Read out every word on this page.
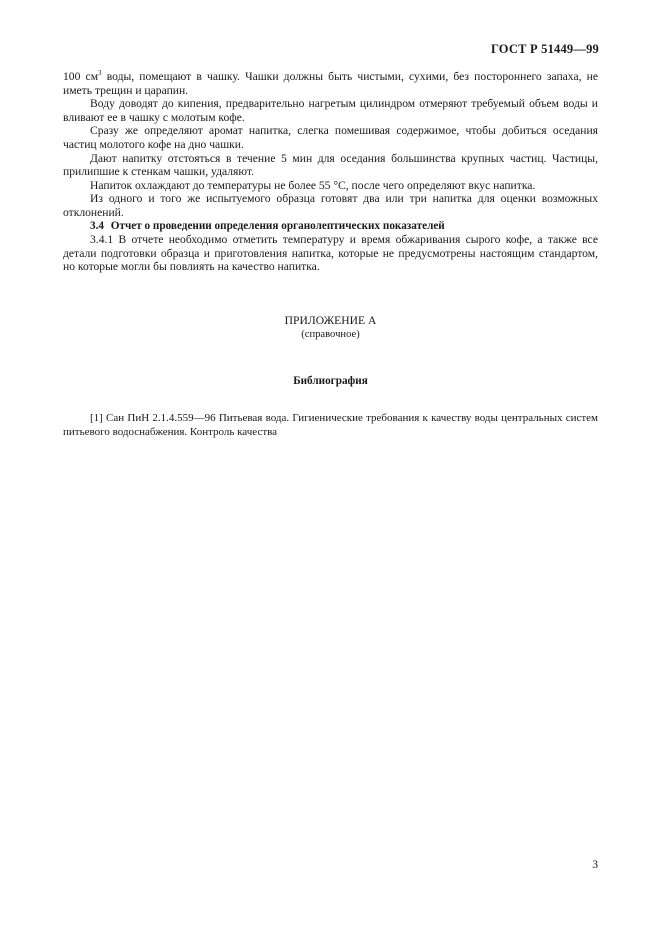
ГОСТ Р 51449—99

100 $см^3$ воды, помещают в чашку. Чашки должны быть чистыми, сухими, без постороннего запаха, не иметь трещин и царапин.

Воду доводят до кипения, предварительно нагретым цилиндром отмеряют требуемый объем воды и вливают ее в чашку с молотым кофе.

Сразу же определяют аромат напитка, слегка помешивая содержимое, чтобы добиться оседания частиц молотого кофе на дно чашки.

Дают напитку отстояться в течение 5 мин для оседания большинства крупных частиц. Частицы, прилипшие к стенкам чашки, удаляют.

Напиток охлаждают до температуры не более 55 °С, после чего определяют вкус напитка.

Из одного и того же испытуемого образца готовят два или три напитка для оценки возможных отклонений.

3.4 Отчет о проведении определения органолептических показателей

3.4.1 В отчете необходимо отметить температуру и время обжаривания сырого кофе, а также все детали подготовки образца и приготовления напитка, которые не предусмотрены настоящим стандартом, но которые могли бы повлиять на качество напитка.

ПРИЛОЖЕНИЕ А
(справочное)
Библиография

[1] Сан ПиН 2.1.4.559—96 Питьевая вода. Гигиенические требования к качеству воды центральных систем питьевого водоснабжения. Контроль качества

3
